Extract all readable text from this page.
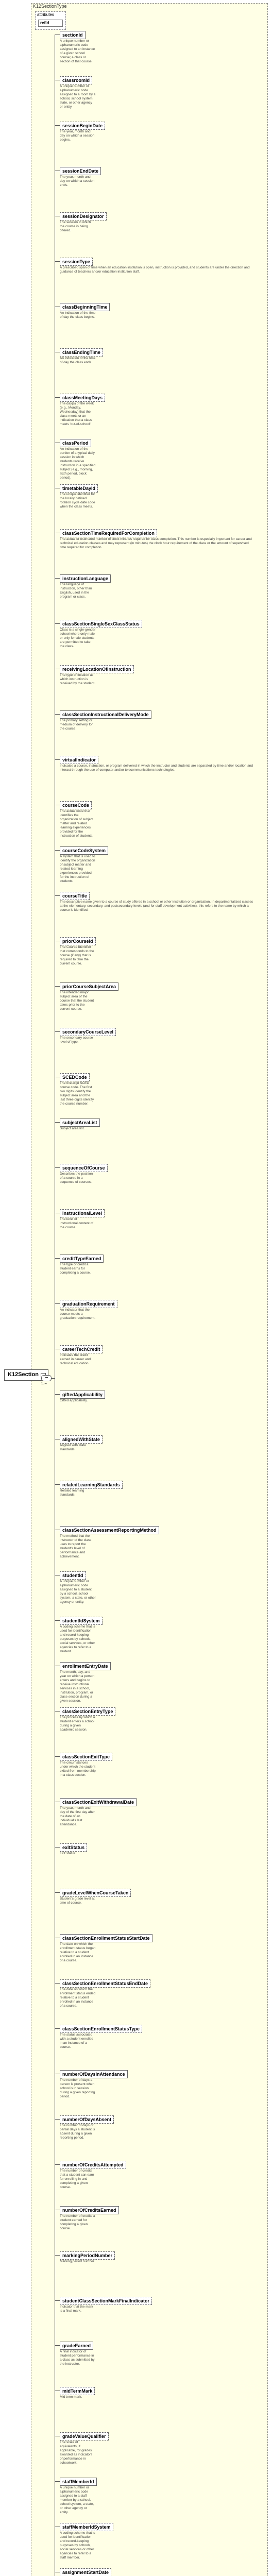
K12SectionType
attributes
refId
K12Section
•••
1..∞
sectionId
A unique number or alphanumeric code assigned to an instance of a given school course; a class or section of that course.
classroomId
A unique number or alphanumeric code assigned to a room by a school, school system, state, or other agency or entity.
sessionBeginDate
The year, month and day on which a session begins.
sessionEndDate
The year, month and day on which a session ends.
sessionDesignator
The session in which the course is being offered.
sessionType
A prescribed span of time when an education institution is open, instruction is provided, and students are under the direction and guidance of teachers and/or education institution staff.
classBeginningTime
An indication of the time of day the class begins.
classEndingTime
An indication of the time of day the class ends.
classMeetingDays
The day(s) of the week (e.g., Monday, Wednesday) that the class meets or an indication that a class meets 'out-of-school'.
classPeriod
An indication of the portion of a typical daily session in which students receive instruction in a specified subject (e.g., morning, sixth period, block period).
timetableDayId
The unique identifier for the locally defined rotation cycle date code when the class meets.
classSectionTimeRequiredForCompletion
The actual or estimated number of clock minutes required for class completion. This number is especially important for career and technical education classes and may represent (in minutes) the clock hour requirement of the class or the amount of supervised time required for completion.
instructionLanguage
The language of instruction, other than English, used in the program or class.
classSectionSingleSexClassStatus
Class is a single-gender school where only male or only female students are permitted to take the class.
receivingLocationOfInstruction
The type of location at which instruction is received by the student.
classSectionInstructionalDeliveryMode
The primary setting or medium of delivery for the course.
virtualIndicator
Indicates a course, instruction, or program delivered in which the instructor and students are separated by time and/or location and interact through the use of computer and/or telecommunications technologies.
courseCode
The actual code that identifies the organization of subject matter and related learning experiences provided for the instruction of students.
courseCodeSystem
A system that is used to identify the organization of subject matter and related learning experiences provided for the instruction of students.
courseTitle
The descriptive name given to a course of study offered in a school or other institution or organization. In departmentalized classes at the elementary, secondary, and postsecondary levels (and for staff development activities), this refers to the name by which a course is identified.
priorCourseId
The Course Identifier that corresponds to the course (if any) that is required to take the current course.
priorCourseSubjectArea
The intended major subject area of the course that the student takes prior to the current course.
secondaryCourseLevel
The secondary course level of type.
SCEDCode
The five-digit SCED course code. The first two digits identify the subject area and the last three digits identify the course number.
subjectAreaList
Subject area list.
sequenceOfCourse
Describes the position of a course in a sequence of courses.
instructionalLevel
The level of instructional content of the course.
creditTypeEarned
The type of credit a student earns for completing a course.
graduationRequirement
An indicator that the course meets a graduation requirement.
careerTechCredit
Indicates the credit earned in career and technical education.
giftedApplicability
Gifted applicability.
alignedWithState
Aligned with state standards.
relatedLearningStandards
Related learning standards.
classSectionAssessmentReportingMethod
The method that the instructor of the class uses to report the student's level of performance and achievement.
studentId
A unique number or alphanumeric code assigned to a student by a school, school system, a state, or other agency or entity.
studentIdSystem
A coding scheme that is used for identification and record-keeping purposes by schools, social services, or other agencies to refer to a student.
enrollmentEntryDate
The month, day, and year on which a person enters and begins to receive instructional services in a school, institution, program, or class-section during a given session.
classSectionEntryType
The process by which a student enters a school during a given academic session.
classSectionExitType
The circumstances under which the student exited from membership in a class section.
classSectionExitWithdrawalDate
The year, month and day of the first day after the date of an individual's last attendance.
exitStatus
Exit status.
gradeLevelWhenCourseTaken
Student's grade level at time of course.
classSectionEnrollmentStatusStartDate
The date on which the enrollment status began relative to a student enrolled in an instance of a course.
classSectionEnrollmentStatusEndDate
The date on which the enrollment status ended relative to a student enrolled in an instance of a course.
classSectionEnrollmentStatusType
The status associated with a student enrolled in an instance of a course.
numberOfDaysInAttendance
The number of days a person is present when school is in session during a given reporting period.
numberOfDaysAbsent
The number of days or partial days a student is absent during a given reporting period.
numberOfCreditsAttempted
The number of credits that a student can earn for enrolling in and completing a given course.
numberOfCreditsEarned
The number of credits a student earned for completing a given course.
markingPeriodNumber
Marking period number.
studentClassSectionMarkFinalIndicator
Indicator that the mark is a final mark.
gradeEarned
A final indicator of student performance in a class as submitted by the instructor.
midTermMark
Mid term mark.
gradeValueQualifier
The scale of equivalents, if applicable, for grades awarded as indicators of performance in schoolwork.
staffMemberId
A unique number or alphanumeric code assigned to a staff member by a school, school system, a state, or other agency or entity.
staffMemberIdSystem
A coding scheme that is used for identification and record-keeping purposes by schools, social services or other agencies to refer to a staff member.
assignmentStartDate
